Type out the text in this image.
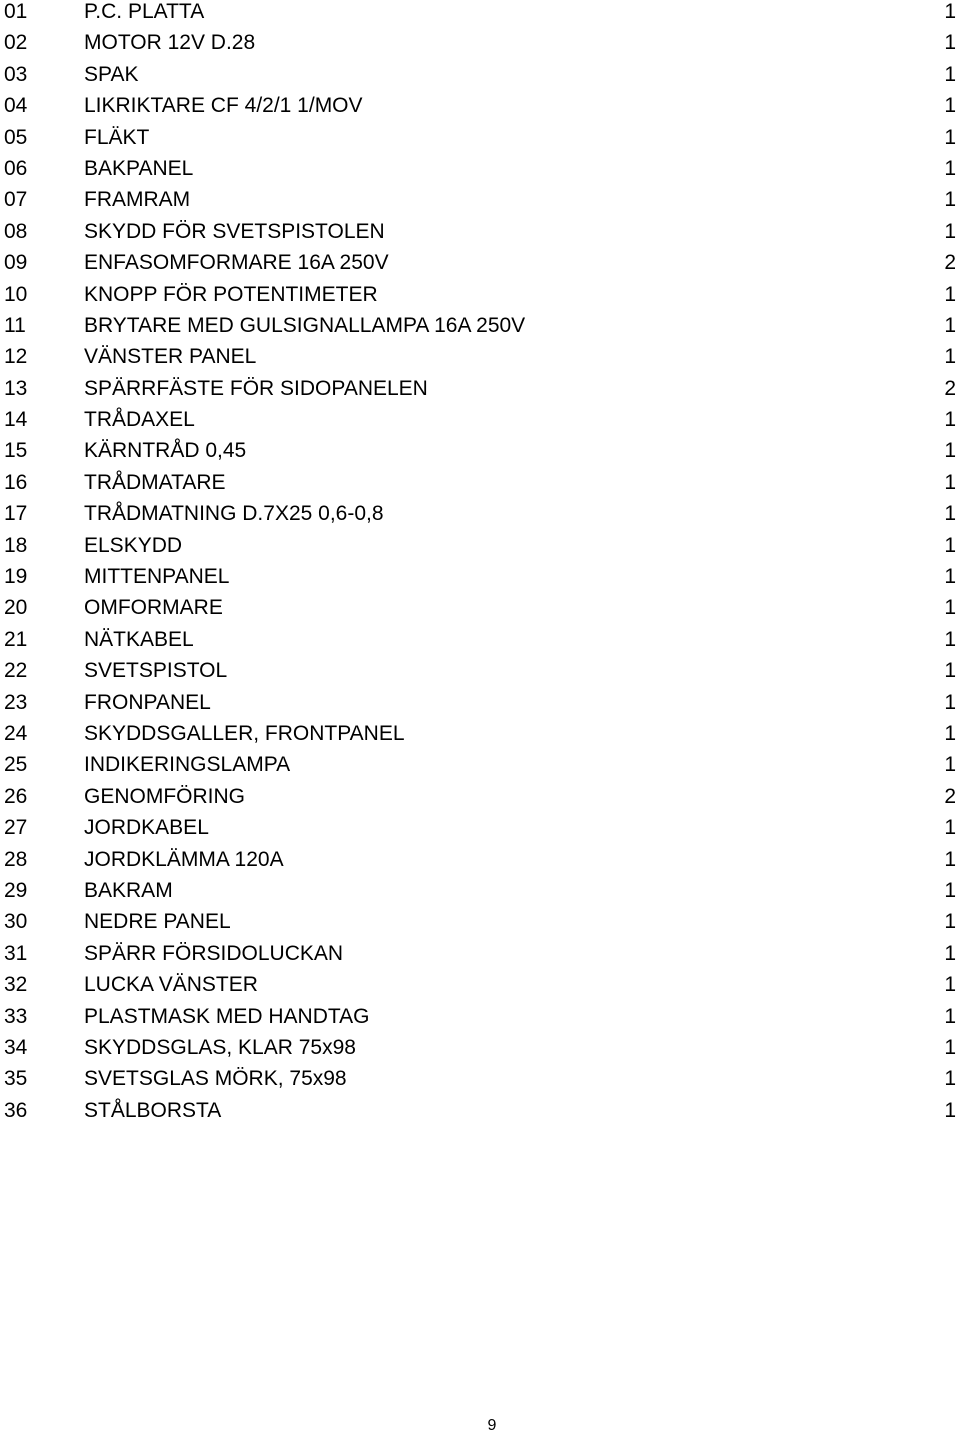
01	P.C. PLATTA	1
02	MOTOR 12V D.28	1
03	SPAK	1
04	LIKRIKTARE CF 4/2/1 1/MOV	1
05	FLÄKT	1
06	BAKPANEL	1
07	FRAMRAM	1
08	SKYDD FÖR SVETSPISTOLEN	1
09	ENFASOMFORMARE 16A 250V	2
10	KNOPP FÖR POTENTIMETER	1
11	BRYTARE MED GULSIGNALLAMPA 16A 250V	1
12	VÄNSTER PANEL	1
13	SPÄRRFÄSTE FÖR SIDOPANELEN	2
14	TRÅDAXEL	1
15	KÄRNTRÅD 0,45	1
16	TRÅDMATARE	1
17	TRÅDMATNING D.7X25 0,6-0,8	1
18	ELSKYDD	1
19	MITTENPANEL	1
20	OMFORMARE	1
21	NÄTKABEL	1
22	SVETSPISTOL	1
23	FRONPANEL	1
24	SKYDDSGALLER, FRONTPANEL	1
25	INDIKERINGSLAMPA	1
26	GENOMFÖRING	2
27	JORDKABEL	1
28	JORDKLÄMMA 120A	1
29	BAKRAM	1
30	NEDRE PANEL	1
31	SPÄRR FÖRSIDOLUCKAN	1
32	LUCKA VÄNSTER	1
33	PLASTMASK MED HANDTAG	1
34	SKYDDSGLAS, KLAR 75x98	1
35	SVETSGLAS MÖRK, 75x98	1
36	STÅLBORSTA	1
9
